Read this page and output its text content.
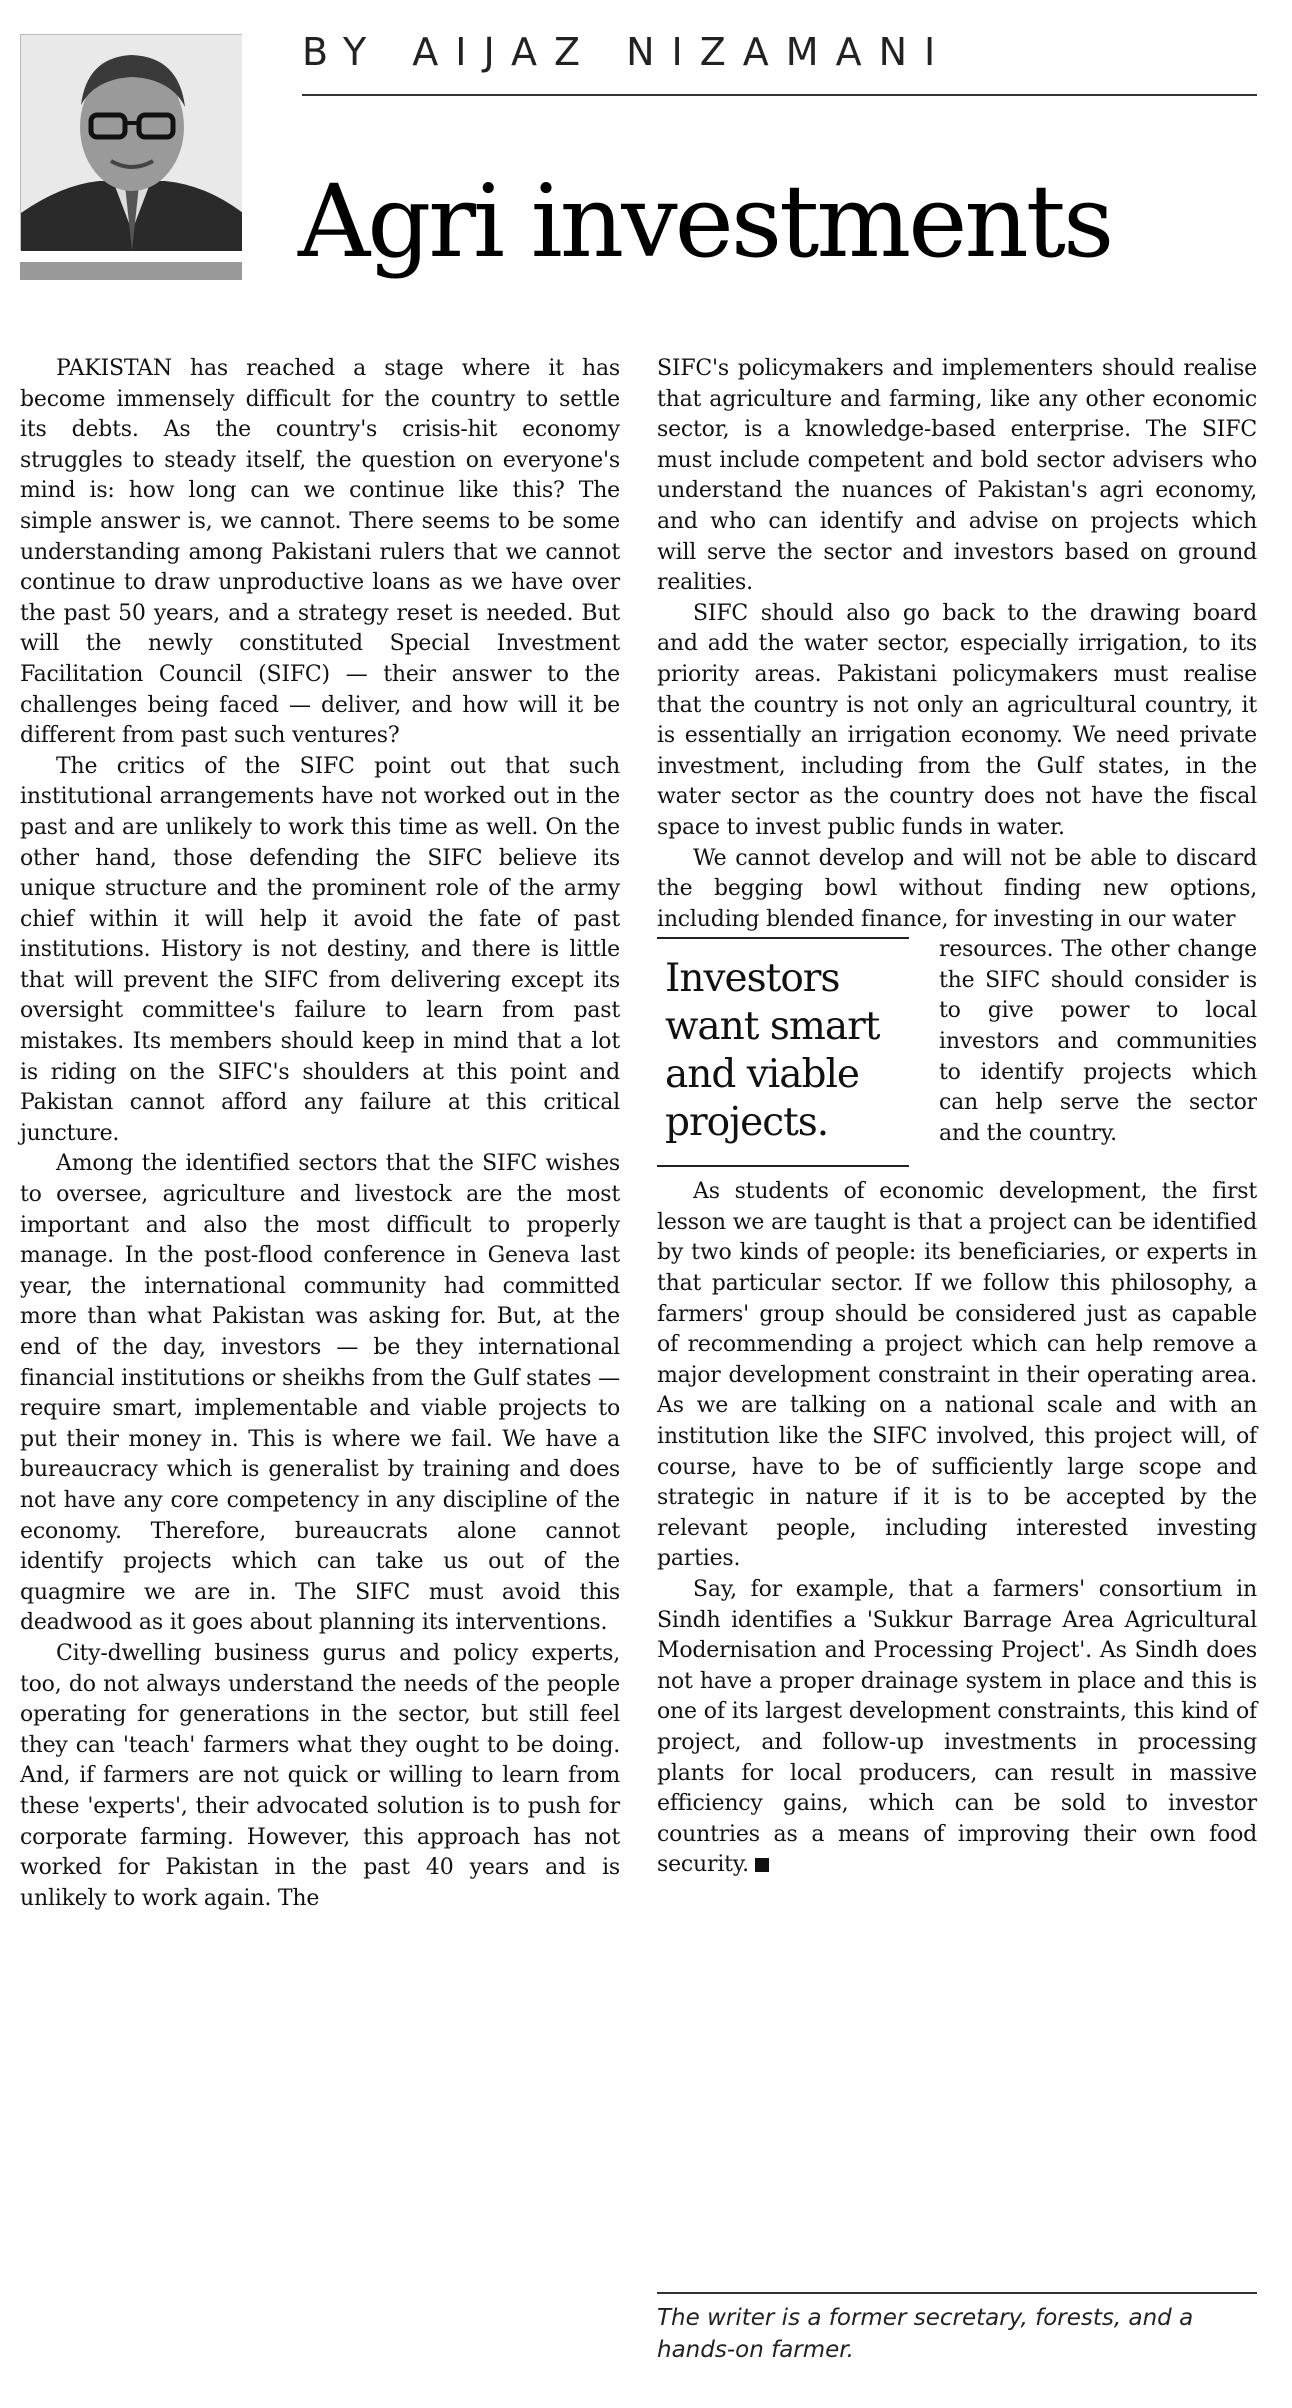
BY AIJAZ NIZAMANI
Agri investments

PAKISTAN has reached a stage where it has become immensely difficult for the country to settle its debts. As the country's crisis-hit economy struggles to steady itself, the question on everyone's mind is: how long can we continue like this? The simple answer is, we cannot. There seems to be some understanding among Pakistani rulers that we cannot continue to draw unproductive loans as we have over the past 50 years, and a strategy reset is needed. But will the newly constituted Special Investment Facilitation Council (SIFC) — their answer to the challenges being faced — deliver, and how will it be different from past such ventures?

The critics of the SIFC point out that such institutional arrangements have not worked out in the past and are unlikely to work this time as well. On the other hand, those defending the SIFC believe its unique structure and the prominent role of the army chief within it will help it avoid the fate of past institutions. History is not destiny, and there is little that will prevent the SIFC from delivering except its oversight committee's failure to learn from past mistakes. Its members should keep in mind that a lot is riding on the SIFC's shoulders at this point and Pakistan cannot afford any failure at this critical juncture.

Among the identified sectors that the SIFC wishes to oversee, agriculture and livestock are the most important and also the most difficult to properly manage. In the post-flood conference in Geneva last year, the international community had committed more than what Pakistan was asking for. But, at the end of the day, investors — be they international financial institutions or sheikhs from the Gulf states — require smart, implementable and viable projects to put their money in. This is where we fail. We have a bureaucracy which is generalist by training and does not have any core competency in any discipline of the economy. Therefore, bureaucrats alone cannot identify projects which can take us out of the quagmire we are in. The SIFC must avoid this deadwood as it goes about planning its interventions.

City-dwelling business gurus and policy experts, too, do not always understand the needs of the people operating for generations in the sector, but still feel they can 'teach' farmers what they ought to be doing. And, if farmers are not quick or willing to learn from these 'experts', their advocated solution is to push for corporate farming. However, this approach has not worked for Pakistan in the past 40 years and is unlikely to work again. The

SIFC's policymakers and implementers should realise that agriculture and farming, like any other economic sector, is a knowledge-based enterprise. The SIFC must include competent and bold sector advisers who understand the nuances of Pakistan's agri economy, and who can identify and advise on projects which will serve the sector and investors based on ground realities.

SIFC should also go back to the drawing board and add the water sector, especially irrigation, to its priority areas. Pakistani policymakers must realise that the country is not only an agricultural country, it is essentially an irrigation economy. We need private investment, including from the Gulf states, in the water sector as the country does not have the fiscal space to invest public funds in water.

We cannot develop and will not be able to discard the begging bowl without finding new options, including blended finance, for investing in our water

Investors want smart and viable projects.

resources. The other change the SIFC should consider is to give power to local investors and communities to identify projects which can help serve the sector and the country.

As students of economic development, the first lesson we are taught is that a project can be identified by two kinds of people: its beneficiaries, or experts in that particular sector. If we follow this philosophy, a farmers' group should be considered just as capable of recommending a project which can help remove a major development constraint in their operating area. As we are talking on a national scale and with an institution like the SIFC involved, this project will, of course, have to be of sufficiently large scope and strategic in nature if it is to be accepted by the relevant people, including interested investing parties.

Say, for example, that a farmers' consortium in Sindh identifies a 'Sukkur Barrage Area Agricultural Modernisation and Processing Project'. As Sindh does not have a proper drainage system in place and this is one of its largest development constraints, this kind of project, and follow-up investments in processing plants for local producers, can result in massive efficiency gains, which can be sold to investor countries as a means of improving their own food security.

The writer is a former secretary, forests, and a hands-on farmer.
